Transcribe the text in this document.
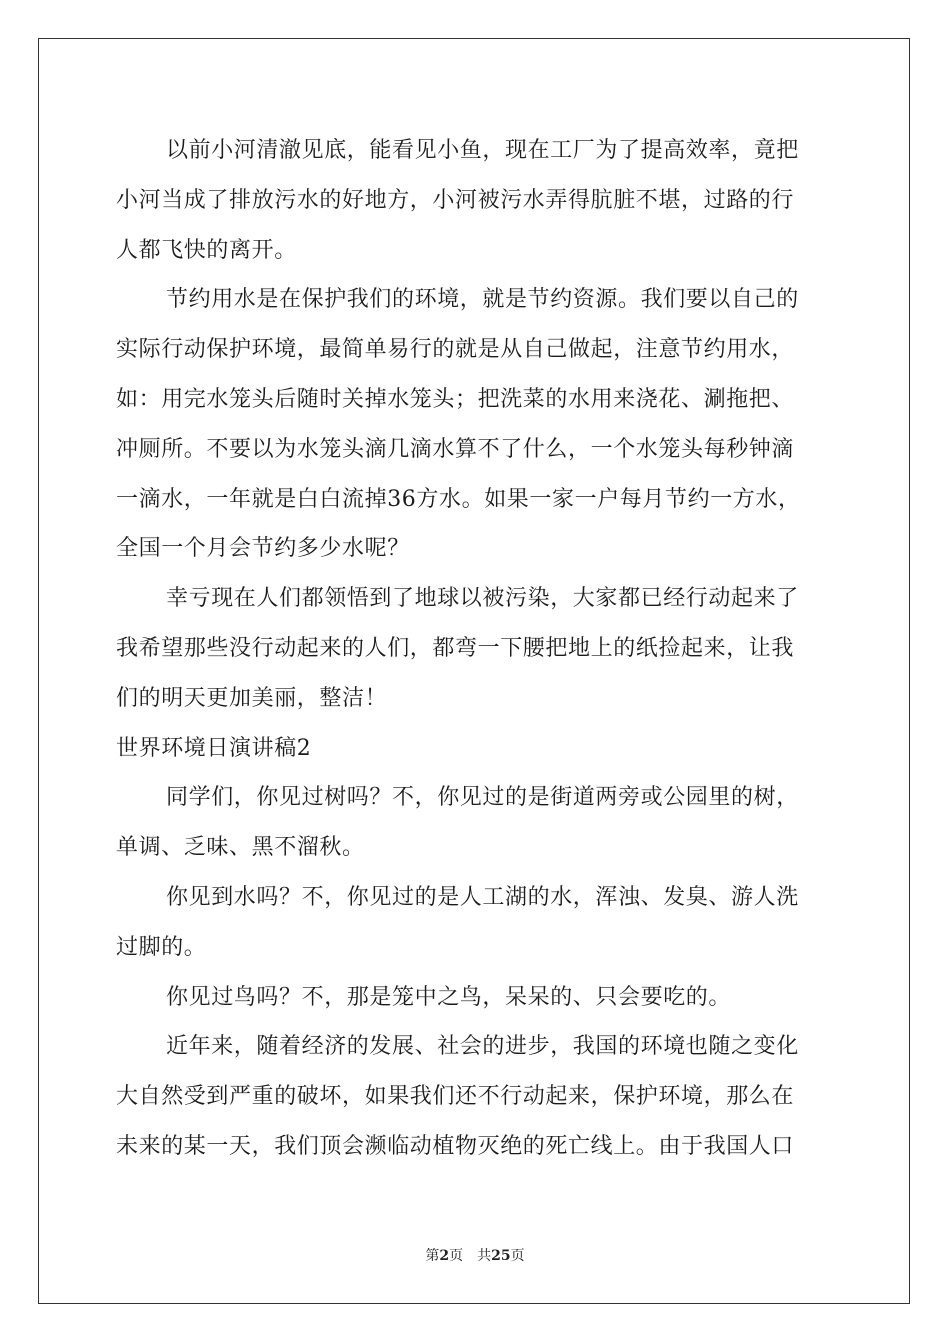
以前小河清澈见底，能看见小鱼，现在工厂为了提高效率，竟把
小河当成了排放污水的好地方，小河被污水弄得肮脏不堪，过路的行
人都飞快的离开。
节约用水是在保护我们的环境，就是节约资源。我们要以自己的
实际行动保护环境，最简单易行的就是从自己做起，注意节约用水，
如：用完水笼头后随时关掉水笼头；把洗菜的水用来浇花、涮拖把、
冲厕所。不要以为水笼头滴几滴水算不了什么，一个水笼头每秒钟滴
一滴水，一年就是白白流掉36方水。如果一家一户每月节约一方水，
全国一个月会节约多少水呢？
幸亏现在人们都领悟到了地球以被污染，大家都已经行动起来了
我希望那些没行动起来的人们，都弯一下腰把地上的纸捡起来，让我
们的明天更加美丽，整洁！
世界环境日演讲稿2
同学们，你见过树吗？不，你见过的是街道两旁或公园里的树，
单调、乏味、黑不溜秋。
你见到水吗？不，你见过的是人工湖的水，浑浊、发臭、游人洗
过脚的。
你见过鸟吗？不，那是笼中之鸟，呆呆的、只会要吃的。
近年来，随着经济的发展、社会的进步，我国的环境也随之变化
大自然受到严重的破坏，如果我们还不行动起来，保护环境，那么在
未来的某一天，我们顶会濒临动植物灭绝的死亡线上。由于我国人口
第2页 共25页
